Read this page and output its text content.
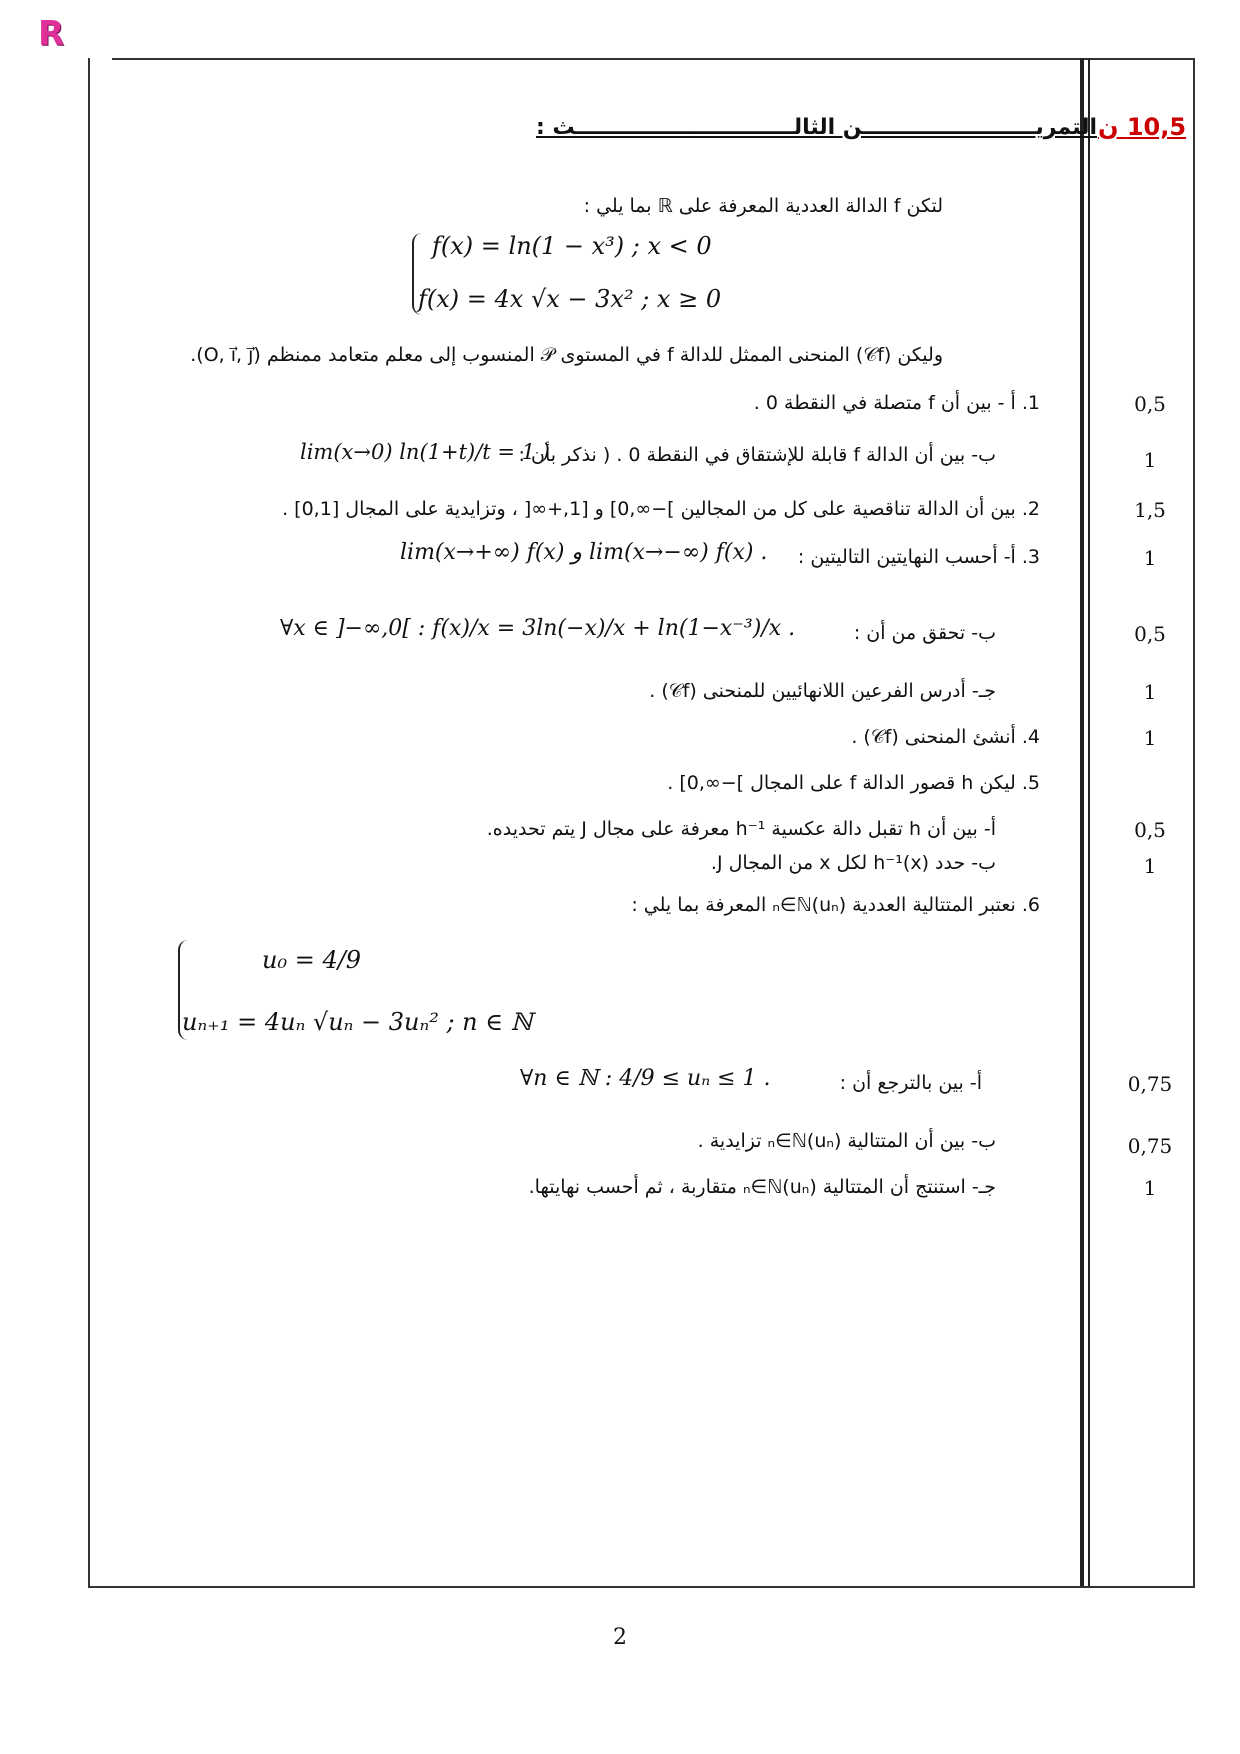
R
التمريـــــــــــــــــــــــن الثالـــــــــــــــــــــــــــــث : 10,5 ن
لتكن f الدالة العددية المعرفة على ℝ بما يلي :
f(x) = ln(1 − x³) ; x < 0
f(x) = 4x √x − 3x² ; x ≥ 0
وليكن (𝒞f) المنحنى الممثل للدالة f في المستوى 𝒫 المنسوب إلى معلم متعامد ممنظم (O, i⃗, j⃗).
1. أ - بين أن f متصلة في النقطة 0 .
ب- بين أن الدالة f قابلة للإشتقاق في النقطة 0 . ( نذكر بأن :
lim(x→0) ln(1+t)/t = 1 )
2. بين أن الدالة تناقصية على كل من المجالين ]−∞,0] و [1,+∞[ ، وتزايدية على المجال [0,1] .
3. أ- أحسب النهايتين التاليتين :
lim(x→+∞) f(x) و lim(x→−∞) f(x) .
ب- تحقق من أن :
∀x ∈ ]−∞,0[ : f(x)/x = 3ln(−x)/x + ln(1−x⁻³)/x .
جـ- أدرس الفرعين اللانهائيين للمنحنى (𝒞f) .
4. أنشئ المنحنى (𝒞f) .
5. ليكن h قصور الدالة f على المجال ]−∞,0] .
أ- بين أن h تقبل دالة عكسية h⁻¹ معرفة على مجال J يتم تحديده.
ب- حدد h⁻¹(x) لكل x من المجال J.
6. نعتبر المتتالية العددية (uₙ)ₙ∈ℕ المعرفة بما يلي :
u₀ = 4/9
uₙ₊₁ = 4uₙ √uₙ − 3uₙ² ; n ∈ ℕ
أ- بين بالترجع أن :
∀n ∈ ℕ : 4/9 ≤ uₙ ≤ 1 .
ب- بين أن المتتالية (uₙ)ₙ∈ℕ تزايدية .
جـ- استنتج أن المتتالية (uₙ)ₙ∈ℕ متقاربة ، ثم أحسب نهايتها.
0,5
1
1,5
1
0,5
1
1
0,5
1
0,75
0,75
1
2
